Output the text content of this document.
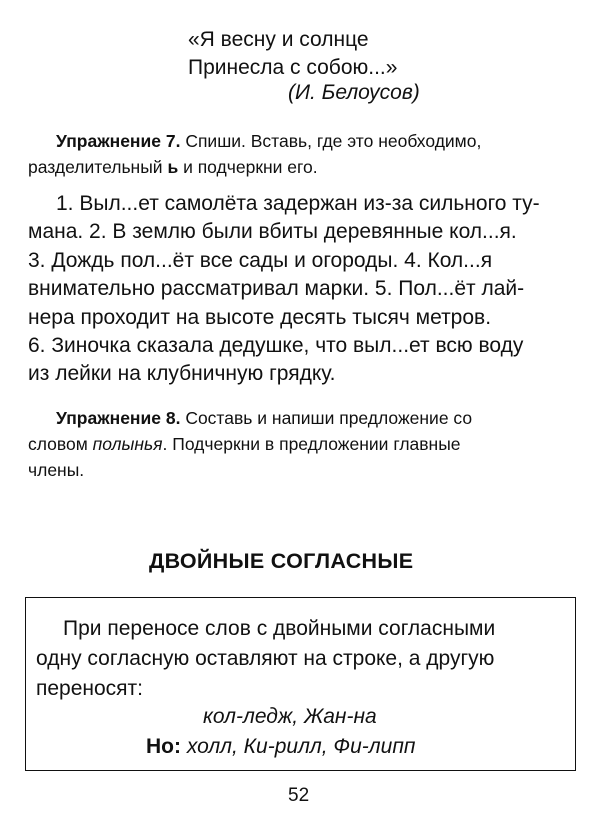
«Я весну и солнце
Принесла с собою...»
(И. Белоусов)
Упражнение 7. Спиши. Вставь, где это необходимо,
разделительный ь и подчеркни его.
1. Выл...ет самолёта задержан из-за сильного ту-
мана. 2. В землю были вбиты деревянные кол...я.
3. Дождь пол...ёт все сады и огороды. 4. Кол...я
внимательно рассматривал марки. 5. Пол...ёт лай-
нера проходит на высоте десять тысяч метров.
6. Зиночка сказала дедушке, что выл...ет всю воду
из лейки на клубничную грядку.
Упражнение 8. Составь и напиши предложение со
словом полынья. Подчеркни в предложении главные
члены.
ДВОЙНЫЕ СОГЛАСНЫЕ
При переносе слов с двойными согласными
одну согласную оставляют на строке, а другую
переносят:
кол-ледж, Жан-на
Но: холл, Ки-рилл, Фи-липп
52
